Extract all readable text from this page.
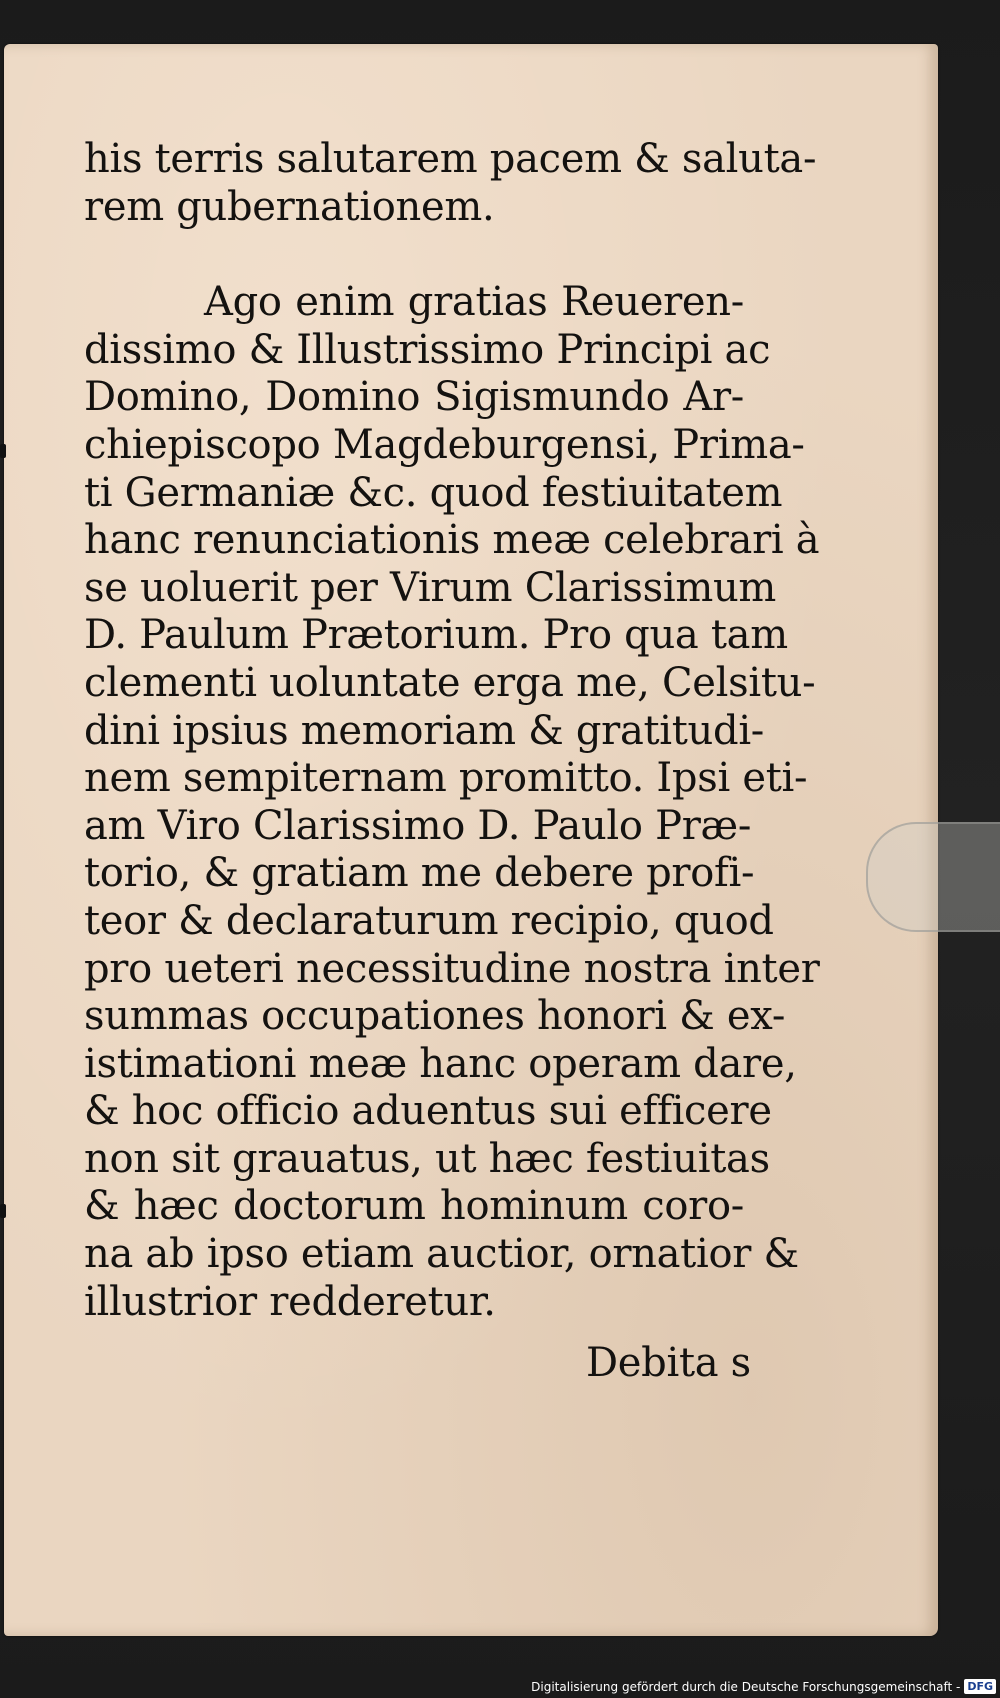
his terris salutarem pacem & saluta-
rem gubernationem.
Ago enim gratias Reueren-
dissimo & Illustrissimo Principi ac
Domino, Domino Sigismundo Ar-
chiepiscopo Magdeburgensi, Prima-
ti Germaniæ &c. quod festiuitatem
hanc renunciationis meæ celebrari à
se uoluerit per Virum Clarissimum
D. Paulum Prætorium. Pro qua tam
clementi uoluntate erga me, Celsitu-
dini ipsius memoriam & gratitudi-
nem sempiternam promitto. Ipsi eti-
am Viro Clarissimo D. Paulo Præ-
torio, & gratiam me debere profi-
teor & declaraturum recipio, quod
pro ueteri necessitudine nostra inter
summas occupationes honori & ex-
istimationi meæ hanc operam dare,
& hoc officio aduentus sui efficere
non sit grauatus, ut hæc festiuitas
& hæc doctorum hominum coro-
na ab ipso etiam auctior, ornatior &
illustrior redderetur.
Debita s
Digitalisierung gefördert durch die Deutsche Forschungsgemeinschaft - DFG
